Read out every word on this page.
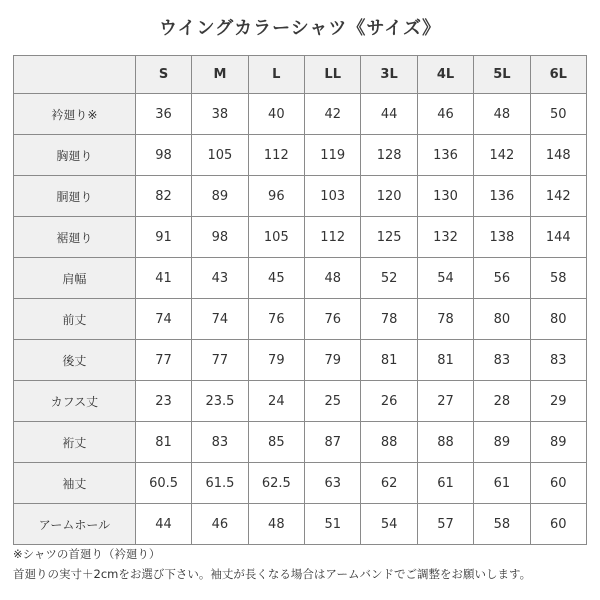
ウイングカラーシャツ《サイズ》
	S	M	L	LL	3L	4L	5L	6L
衿廻り※	36	38	40	42	44	46	48	50
胸廻り	98	105	112	119	128	136	142	148
胴廻り	82	89	96	103	120	130	136	142
裾廻り	91	98	105	112	125	132	138	144
肩幅	41	43	45	48	52	54	56	58
前丈	74	74	76	76	78	78	80	80
後丈	77	77	79	79	81	81	83	83
カフス丈	23	23.5	24	25	26	27	28	29
裄丈	81	83	85	87	88	88	89	89
袖丈	60.5	61.5	62.5	63	62	61	61	60
アームホール	44	46	48	51	54	57	58	60
※シャツの首廻り（衿廻り）
首廻りの実寸＋2cmをお選び下さい。袖丈が長くなる場合はアームバンドでご調整をお願いします。
